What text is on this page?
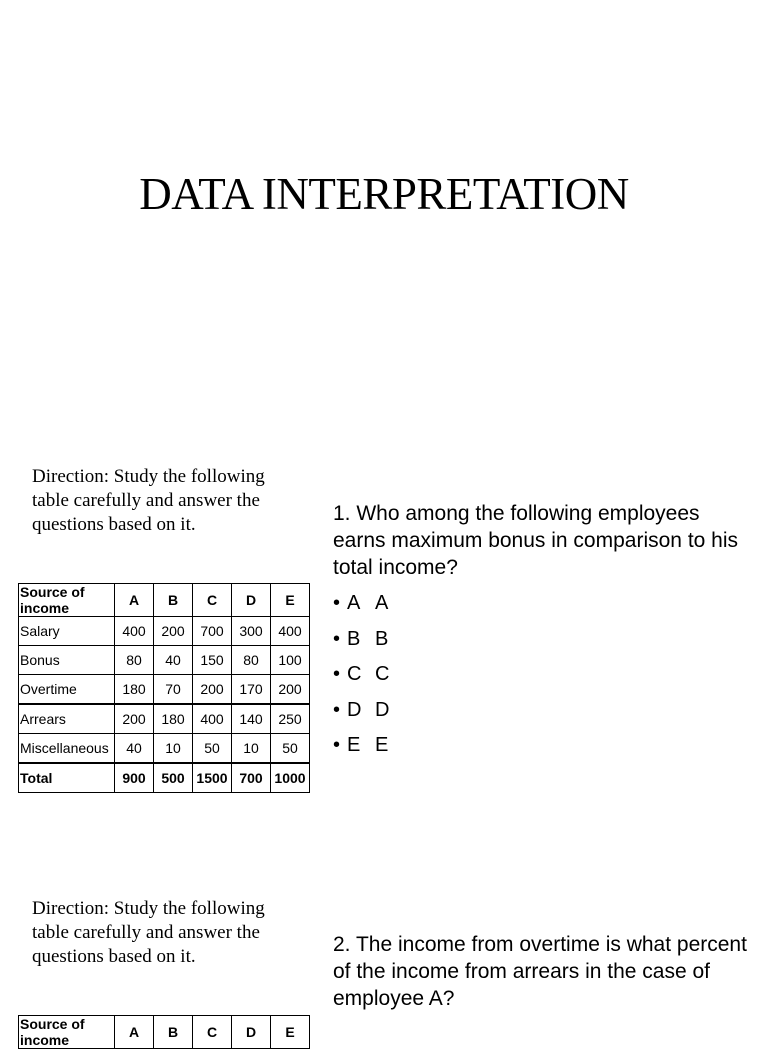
DATA INTERPRETATION
Direction: Study the following table carefully and answer the questions based on it.
Source of income	A	B	C	D	E
Salary	400	200	700	300	400
Bonus	80	40	150	80	100
Overtime	180	70	200	170	200
Arrears	200	180	400	140	250
Miscellaneous	40	10	50	10	50
Total	900	500	1500	700	1000
1. Who among the following employees earns maximum bonus in comparison to his total income?
• A A
• B B
• C C
• D D
• E E
Direction: Study the following table carefully and answer the questions based on it.
2. The income from overtime is what percent of the income from arrears in the case of employee A?
Source of income	A	B	C	D	E
